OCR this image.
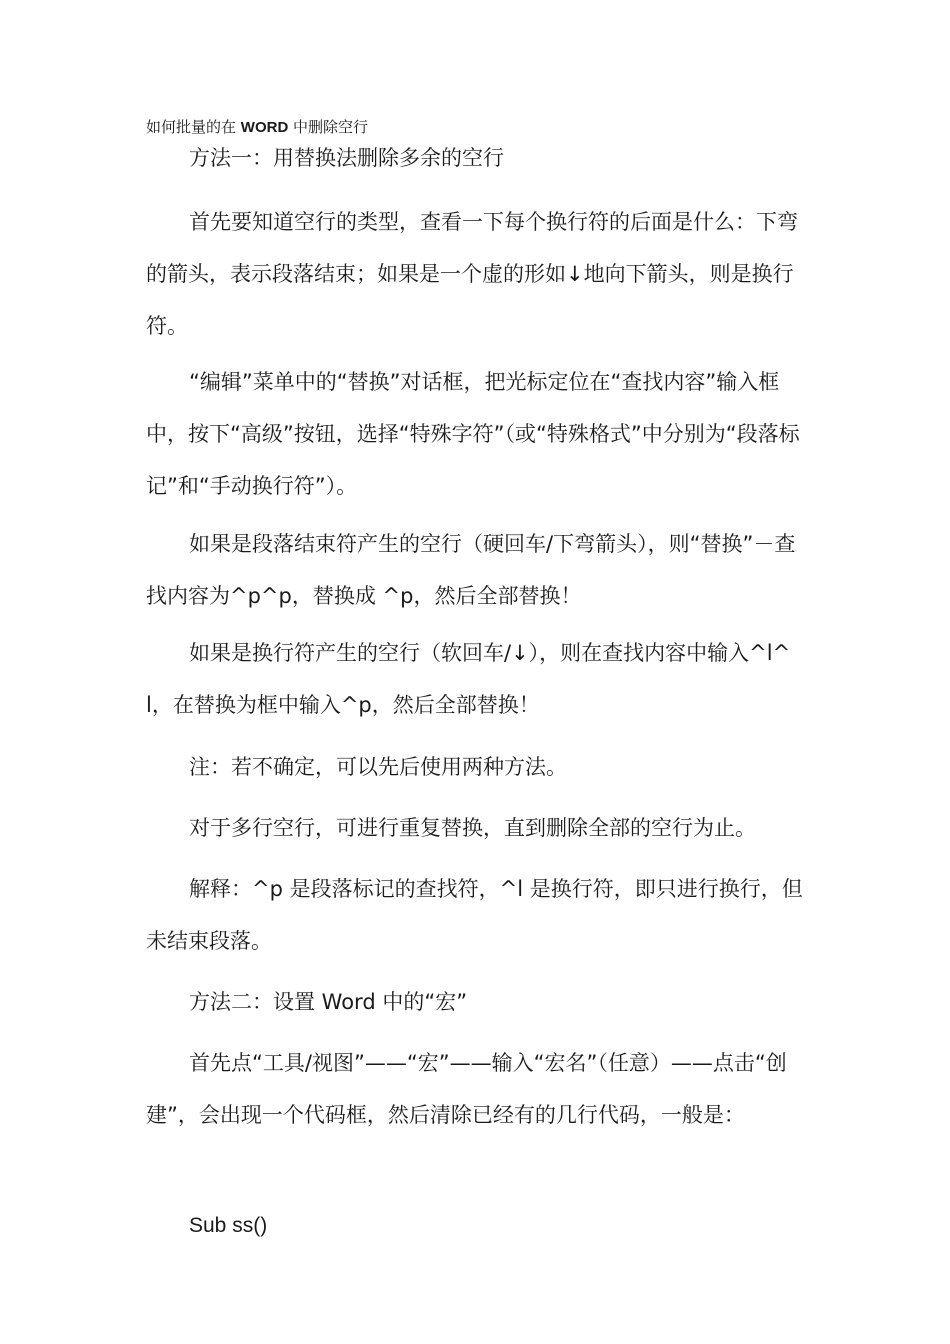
如何批量的在 WORD 中删除空行
方法一：用替换法删除多余的空行
首先要知道空行的类型，查看一下每个换行符的后面是什么：下弯的箭头，表示段落结束；如果是一个虚的形如↓地向下箭头，则是换行符。
“编辑”菜单中的“替换”对话框，把光标定位在“查找内容”输入框中，按下“高级”按钮，选择“特殊字符”（或“特殊格式”中分别为“段落标记”和“手动换行符”）。
如果是段落结束符产生的空行（硬回车/下弯箭头），则“替换”－查找内容为^p^p，替换成 ^p，然后全部替换！
如果是换行符产生的空行（软回车/↓），则在查找内容中输入^l^l，在替换为框中输入^p，然后全部替换！
注：若不确定，可以先后使用两种方法。
对于多行空行，可进行重复替换，直到删除全部的空行为止。
解释：^p 是段落标记的查找符，^l 是换行符，即只进行换行，但未结束段落。
方法二：设置 Word 中的“宏”
首先点“工具/视图”——“宏”——输入“宏名”（任意）——点击“创建”，会出现一个代码框，然后清除已经有的几行代码，一般是：
Sub ss()
